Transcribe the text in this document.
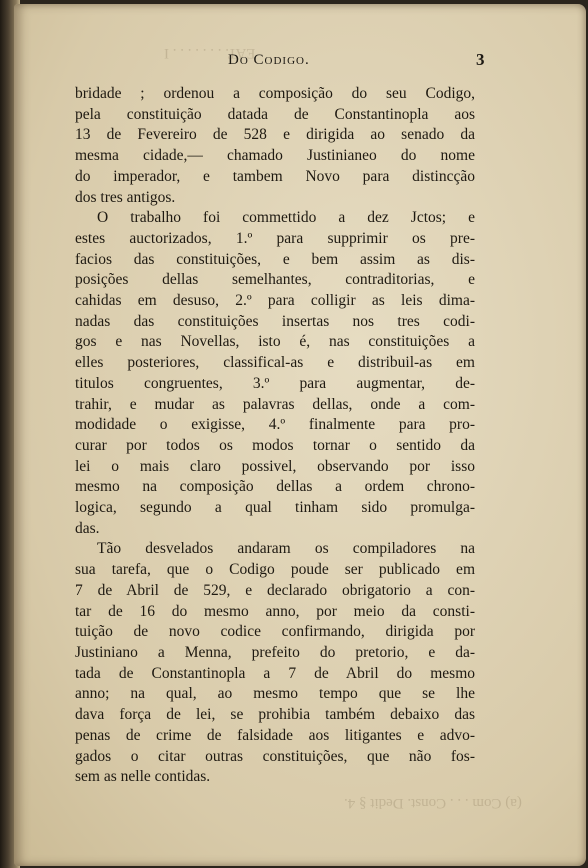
EAT. . . . . . . . I
(a) Com . . . Const. Dedit § 4.
Do Codigo.	3
bridade ; ordenou a composição do seu Codigo,
pela constituição datada de Constantinopla aos
13 de Fevereiro de 528 e dirigida ao senado da
mesma cidade,— chamado Justinianeo do nome
do imperador, e tambem Novo para distincção
dos tres antigos.
O trabalho foi commettido a dez Jctos; e
estes auctorizados, 1.º para supprimir os pre-
facios das constituições, e bem assim as dis-
posições dellas semelhantes, contraditorias, e
cahidas em desuso, 2.º para colligir as leis dima-
nadas das constituições insertas nos tres codi-
gos e nas Novellas, isto é, nas constituições a
elles posteriores, classifical-as e distribuil-as em
titulos congruentes, 3.º para augmentar, de-
trahir, e mudar as palavras dellas, onde a com-
modidade o exigisse, 4.º finalmente para pro-
curar por todos os modos tornar o sentido da
lei o mais claro possivel, observando por isso
mesmo na composição dellas a ordem chrono-
logica, segundo a qual tinham sido promulga-
das.
Tão desvelados andaram os compiladores na
sua tarefa, que o Codigo poude ser publicado em
7 de Abril de 529, e declarado obrigatorio a con-
tar de 16 do mesmo anno, por meio da consti-
tuição de novo codice confirmando, dirigida por
Justiniano a Menna, prefeito do pretorio, e da-
tada de Constantinopla a 7 de Abril do mesmo
anno; na qual, ao mesmo tempo que se lhe
dava força de lei, se prohibia também debaixo das
penas de crime de falsidade aos litigantes e advo-
gados o citar outras constituições, que não fos-
sem as nelle contidas.
